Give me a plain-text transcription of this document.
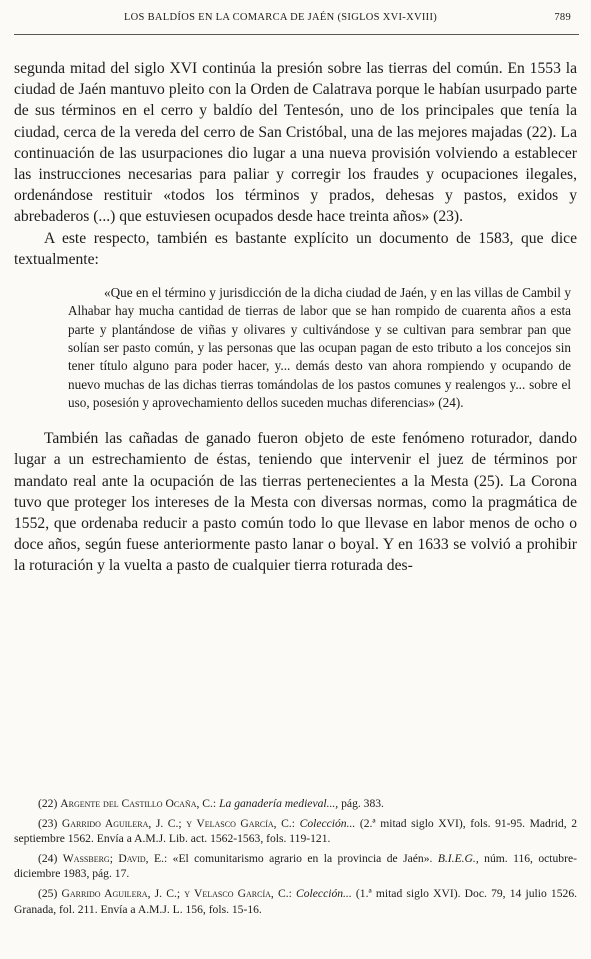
LOS BALDÍOS EN LA COMARCA DE JAÉN (SIGLOS XVI-XVIII)	789

segunda mitad del siglo XVI continúa la presión sobre las tierras del común. En 1553 la ciudad de Jaén mantuvo pleito con la Orden de Calatrava porque le habían usurpado parte de sus términos en el cerro y baldío del Tentesón, uno de los principales que tenía la ciudad, cerca de la vereda del cerro de San Cristóbal, una de las mejores majadas (22). La continuación de las usurpaciones dio lugar a una nueva provisión volviendo a establecer las instrucciones necesarias para paliar y corregir los fraudes y ocupaciones ilegales, ordenándose restituir «todos los términos y prados, dehesas y pastos, exidos y abrebaderos (...) que estuviesen ocupados desde hace treinta años» (23).

A este respecto, también es bastante explícito un documento de 1583, que dice textualmente:

«Que en el término y jurisdicción de la dicha ciudad de Jaén, y en las villas de Cambil y Alhabar hay mucha cantidad de tierras de labor que se han rompido de cuarenta años a esta parte y plantándose de viñas y olivares y cultivándose y se cultivan para sembrar pan que solían ser pasto común, y las personas que las ocupan pagan de esto tributo a los concejos sin tener título alguno para poder hacer, y... demás desto van ahora rompiendo y ocupando de nuevo muchas de las dichas tierras tomándolas de los pastos comunes y realengos y... sobre el uso, posesión y aprovechamiento dellos suceden muchas diferencias» (24).

También las cañadas de ganado fueron objeto de este fenómeno roturador, dando lugar a un estrechamiento de éstas, teniendo que intervenir el juez de términos por mandato real ante la ocupación de las tierras pertenecientes a la Mesta (25). La Corona tuvo que proteger los intereses de la Mesta con diversas normas, como la pragmática de 1552, que ordenaba reducir a pasto común todo lo que llevase en labor menos de ocho o doce años, según fuese anteriormente pasto lanar o boyal. Y en 1633 se volvió a prohibir la roturación y la vuelta a pasto de cualquier tierra roturada des-

(22) Argente del Castillo Ocaña, C.: La ganadería medieval..., pág. 383.

(23) Garrido Aguilera, J. C.; y Velasco García, C.: Colección... (2.ª mitad siglo XVI), fols. 91-95. Madrid, 2 septiembre 1562. Envía a A.M.J. Lib. act. 1562-1563, fols. 119-121.

(24) Wassberg; David, E.: «El comunitarismo agrario en la provincia de Jaén». B.I.E.G., núm. 116, octubre-diciembre 1983, pág. 17.

(25) Garrido Aguilera, J. C.; y Velasco García, C.: Colección... (1.ª mitad siglo XVI). Doc. 79, 14 julio 1526. Granada, fol. 211. Envía a A.M.J. L. 156, fols. 15-16.
